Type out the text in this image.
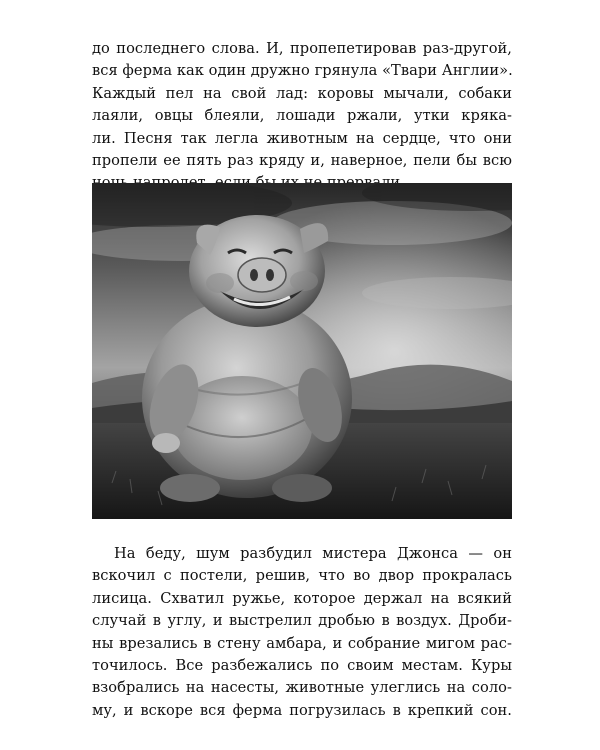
до последнего слова. И, пропепетировав раз-другой,
вся ферма как один дружно грянула «Твари Англии».
Каждый пел на свой лад: коровы мычали, собаки
лаяли, овцы блеяли, лошади ржали, утки кряка-
ли. Песня так легла животным на сердце, что они
пропели ее пять раз кряду и, наверное, пели бы всю

На беду, шум разбудил мистера Джонса — он
вскочил с постели, решив, что во двор прокралась
лисица. Схватил ружье, которое держал на всякий
случай в углу, и выстрелил дробью в воздух. Дроби-
ны врезались в стену амбара, и собрание мигом рас-
точилось. Все разбежались по своим местам. Куры
взобрались на насесты, животные улеглись на соло-
му, и вскоре вся ферма погрузилась в крепкий сон.
